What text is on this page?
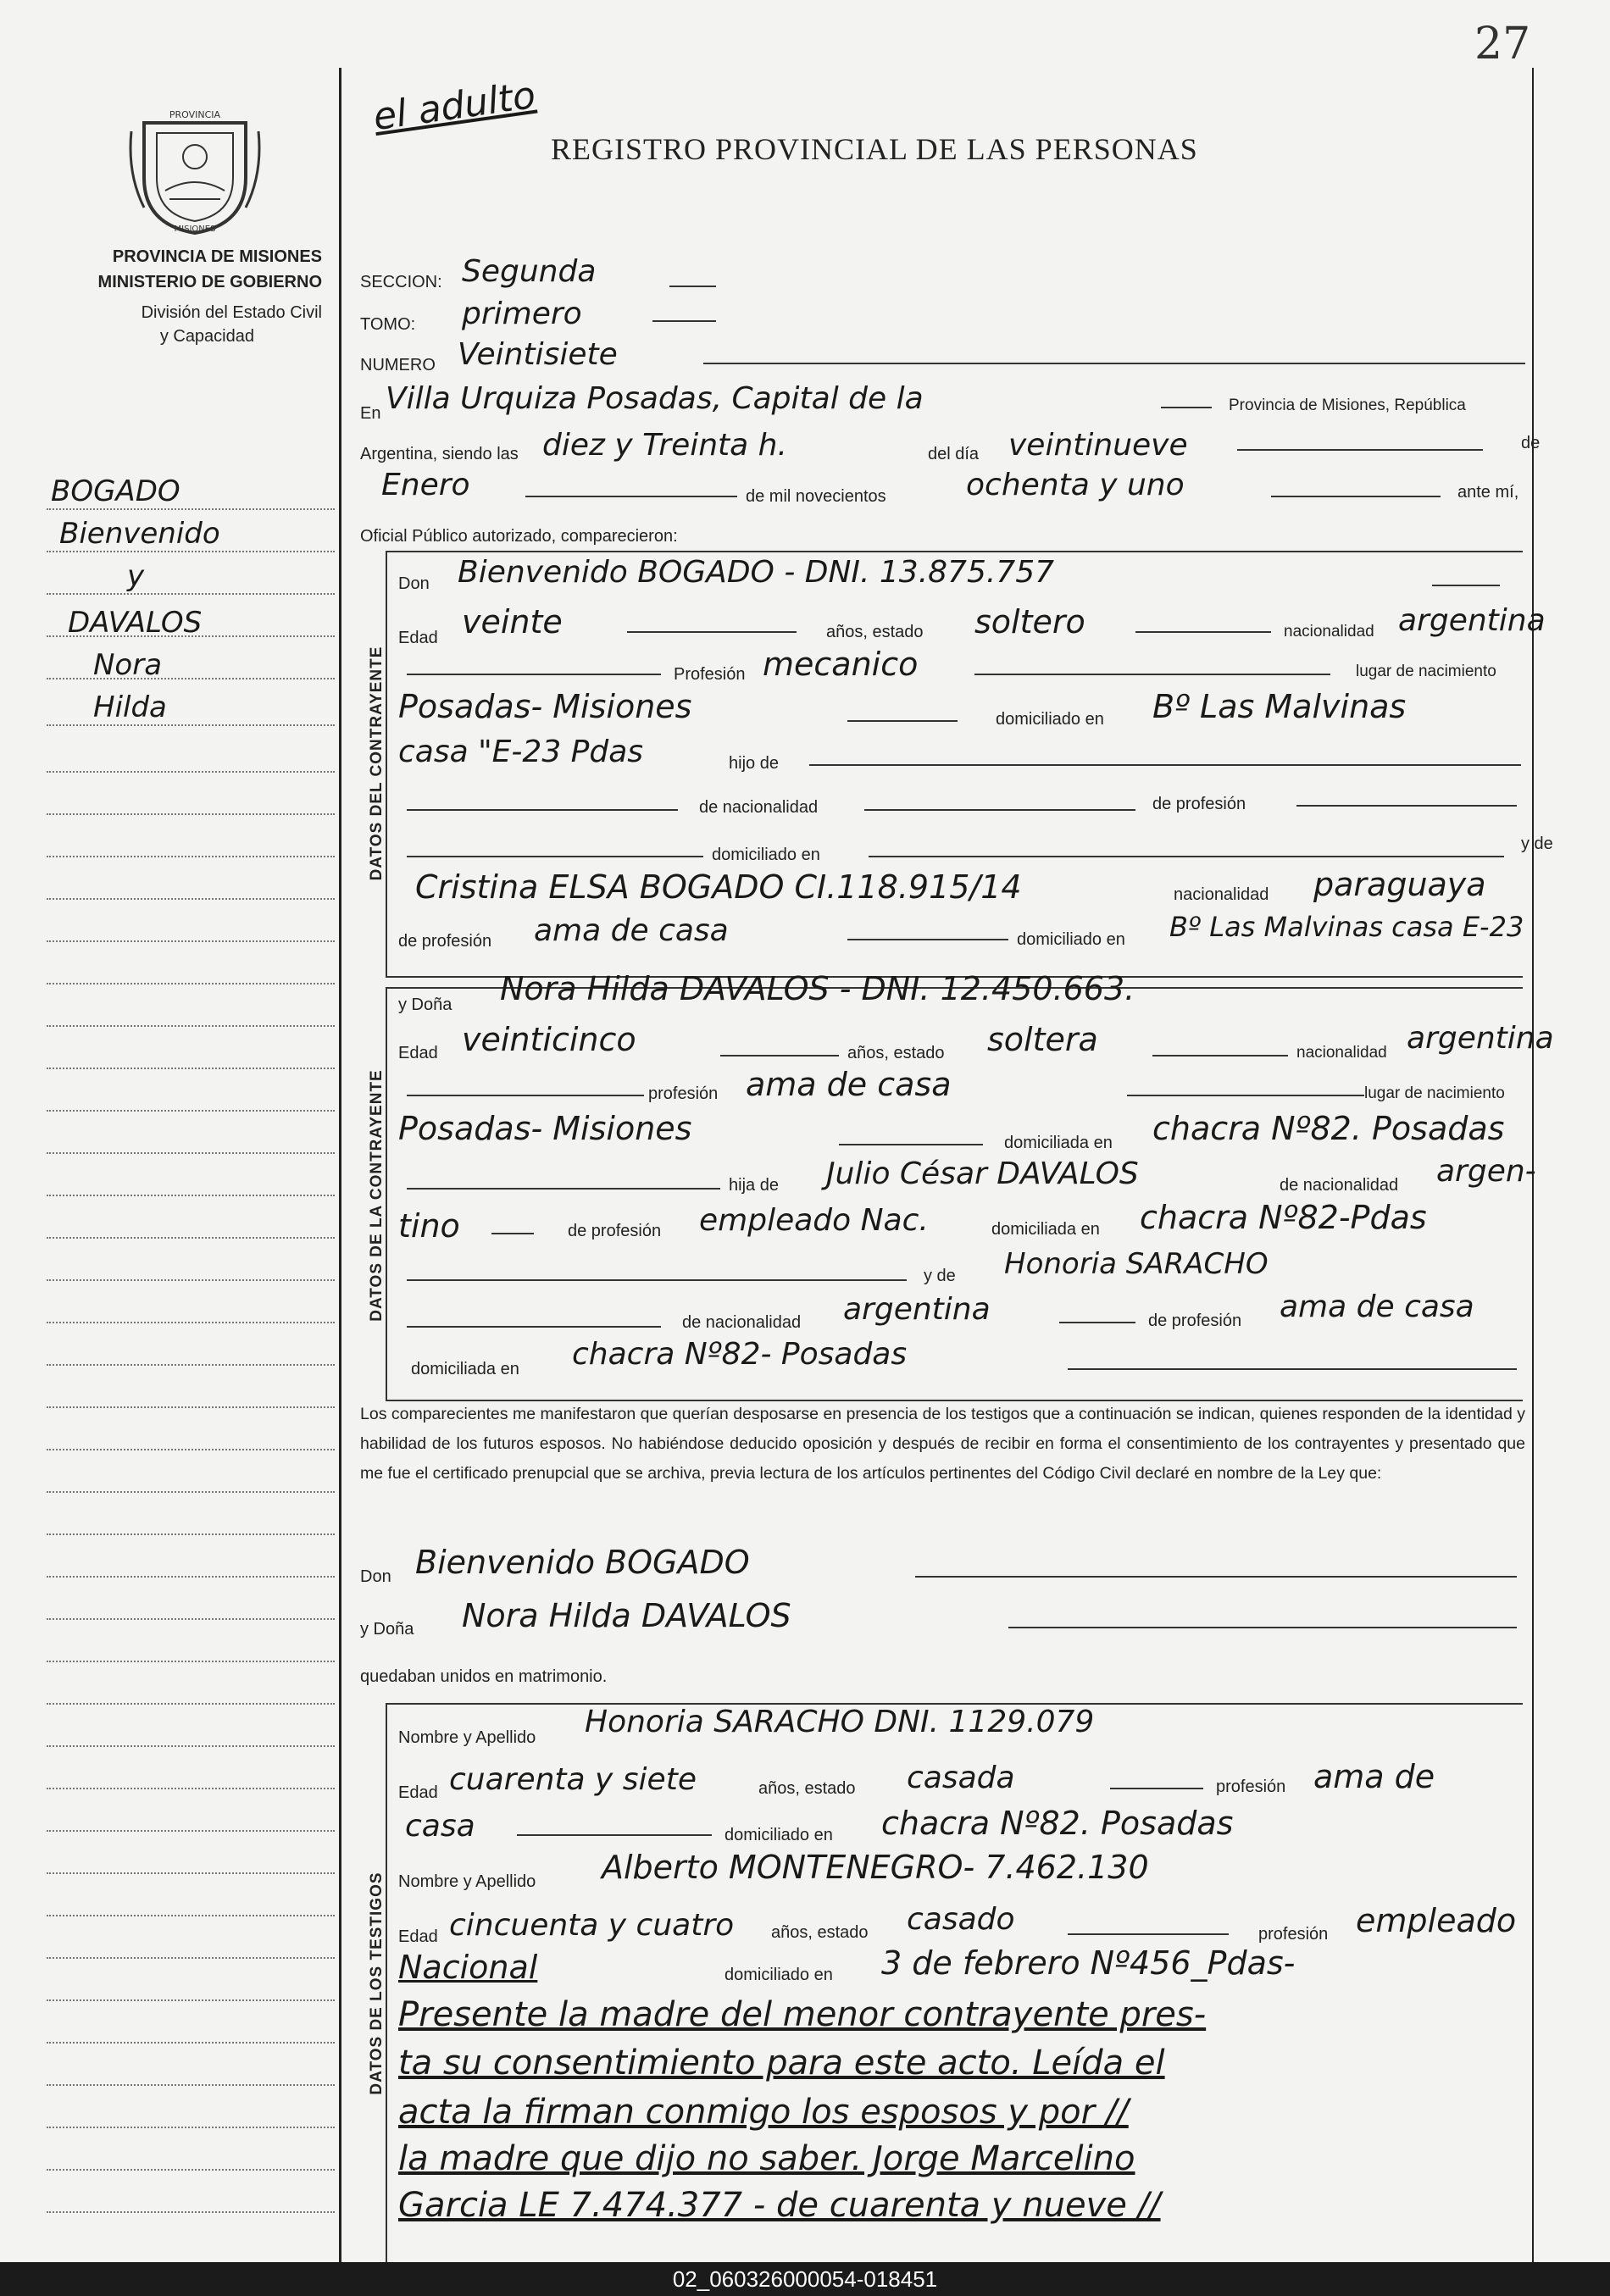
27
PROVINCIA
MISIONES
PROVINCIA DE MISIONES
MINISTERIO DE GOBIERNO
División del Estado Civil
y Capacidad
el adulto
REGISTRO PROVINCIAL DE LAS PERSONAS
BOGADO
Bienvenido
y
DAVALOS
Nora
Hilda
SECCION: Segunda
TOMO: primero
NUMERO Veintisiete
En Villa Urquiza Posadas, Capital de la	Provincia de Misiones, República
Argentina, siendo las diez y Treinta h.	del día veintinueve	de
Enero	de mil novecientos	ochenta y uno	ante mí,
Oficial Público autorizado, comparecieron:
DATOS DEL CONTRAYENTE
Don Bienvenido BOGADO - DNI. 13.875.757
Edad veinte	años, estado soltero	nacionalidad argentina
Profesión mecanico	lugar de nacimiento
Posadas- Misiones	domiciliado en Bº Las Malvinas
casa "E-23 Pdas	hijo de
de nacionalidad	de profesión
domiciliado en
y de
Cristina ELSA BOGADO CI.118.915/14	nacionalidad paraguaya
de profesión ama de casa	domiciliado en Bº Las Malvinas casa E-23
DATOS DE LA CONTRAYENTE
y Doña Nora Hilda DAVALOS - DNI. 12.450.663.
Edad veinticinco	años, estado soltera	nacionalidad argentina
profesión ama de casa	lugar de nacimiento
Posadas- Misiones	domiciliada en chacra Nº82. Posadas
hija de Julio César DAVALOS	de nacionalidad argen-
tino	de profesión empleado Nac.	domiciliada en chacra Nº82-Pdas
y de Honoria SARACHO
de nacionalidad argentina	de profesión ama de casa
domiciliada en chacra Nº82- Posadas
Los comparecientes me manifestaron que querían desposarse en presencia de los testigos que a continuación se indican, quienes responden de la identidad y habilidad de los futuros esposos. No habiéndose deducido oposición y después de recibir en forma el consentimiento de los contrayentes y presentado que me fue el certificado prenupcial que se archiva, previa lectura de los artículos pertinentes del Código Civil declaré en nombre de la Ley que:
Don Bienvenido BOGADO
y Doña Nora Hilda DAVALOS
quedaban unidos en matrimonio.
DATOS DE LOS TESTIGOS
Nombre y Apellido Honoria SARACHO DNI. 1129.079
Edad cuarenta y siete	años, estado casada	profesión ama de
casa	domiciliado en chacra Nº82. Posadas
Nombre y Apellido Alberto MONTENEGRO- 7.462.130
Edad cincuenta y cuatro años, estado casado	profesión empleado
Nacional	domiciliado en 3 de febrero Nº456_Pdas-
Presente la madre del menor contrayente pres-
ta su consentimiento para este acto. Leída el
acta la firman conmigo los esposos y por //
la madre que dijo no saber. Jorge Marcelino
Garcia LE 7.474.377 - de cuarenta y nueve //
02_060326000054-018451
